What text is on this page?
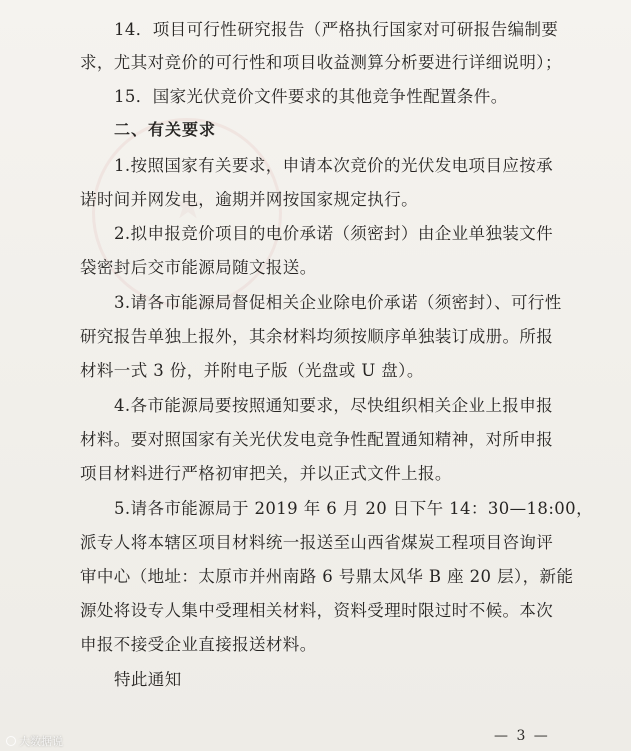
14．项目可行性研究报告（严格执行国家对可研报告编制要
求，尤其对竞价的可行性和项目收益测算分析要进行详细说明）；
15．国家光伏竞价文件要求的其他竞争性配置条件。
二、有关要求
1.按照国家有关要求，申请本次竞价的光伏发电项目应按承
诺时间并网发电，逾期并网按国家规定执行。
2.拟申报竞价项目的电价承诺（须密封）由企业单独装文件
袋密封后交市能源局随文报送。
3.请各市能源局督促相关企业除电价承诺（须密封）、可行性
研究报告单独上报外，其余材料均须按顺序单独装订成册。所报
材料一式 3 份，并附电子版（光盘或 U 盘）。
4.各市能源局要按照通知要求，尽快组织相关企业上报申报
材料。要对照国家有关光伏发电竞争性配置通知精神，对所申报
项目材料进行严格初审把关，并以正式文件上报。
5.请各市能源局于 2019 年 6 月 20 日下午 14：30—18:00，
派专人将本辖区项目材料统一报送至山西省煤炭工程项目咨询评
审中心（地址：太原市并州南路 6 号鼎太风华 B 座 20 层），新能
源处将设专人集中受理相关材料，资料受理时限过时不候。本次
申报不接受企业直接报送材料。
特此通知
— 3 —
大数据说
